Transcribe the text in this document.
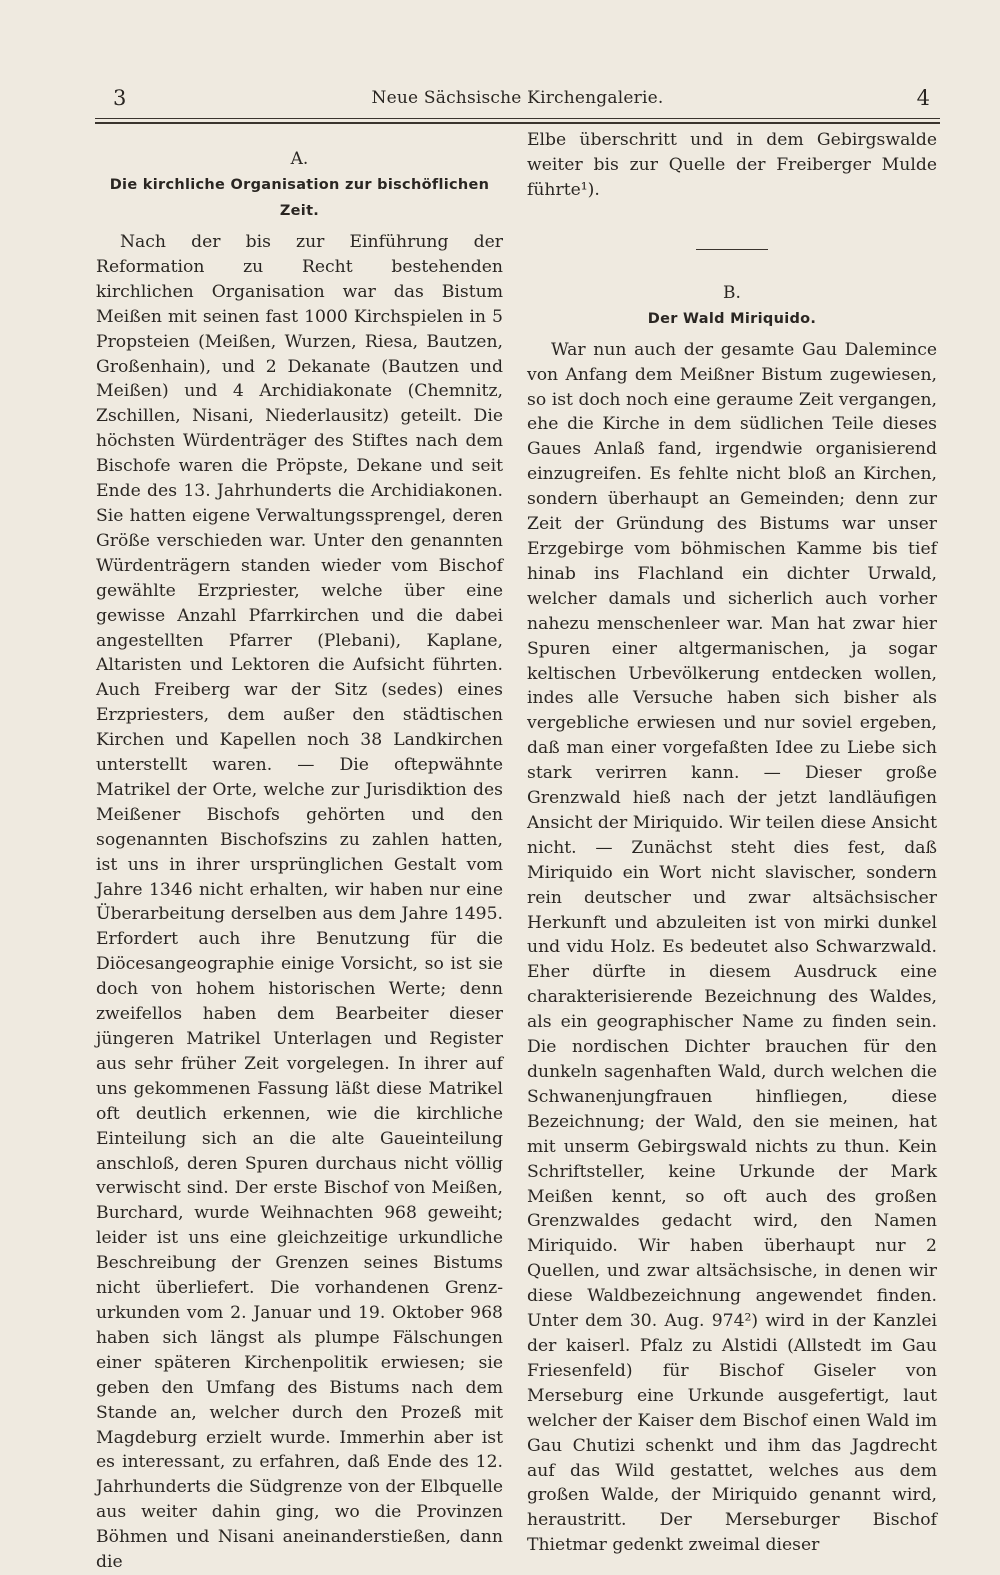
3	Neue Sächsische Kirchengalerie.	4

A.

Die kirchliche Organisation zur bischöflichen Zeit.

Nach der bis zur Einführung der Reformation zu Recht bestehenden kirchlichen Organisation war das Bistum Meißen mit seinen fast 1000 Kirchspielen in 5 Propsteien (Meißen, Wurzen, Riesa, Bautzen, Großenhain), und 2 Dekanate (Bautzen und Meißen) und 4 Archidiakonate (Chemnitz, Zschillen, Nisani, Niederlausitz) geteilt. Die höchsten Würdenträger des Stiftes nach dem Bischofe waren die Pröpste, Dekane und seit Ende des 13. Jahrhunderts die Archidiakonen. Sie hatten eigene Verwaltungssprengel, deren Größe verschieden war. Unter den genannten Würdenträgern standen wieder vom Bischof gewählte Erzpriester, welche über eine gewisse Anzahl Pfarrkirchen und die dabei angestellten Pfarrer (Plebani), Kaplane, Altaristen und Lektoren die Aufsicht führten. Auch Freiberg war der Sitz (sedes) eines Erzpriesters, dem außer den städtischen Kirchen und Kapellen noch 38 Landkirchen unterstellt waren. — Die oftерwähnte Matrikel der Orte, welche zur Jurisdiktion des Meißener Bischofs gehörten und den sogenannten Bischofszins zu zahlen hatten, ist uns in ihrer ursprünglichen Gestalt vom Jahre 1346 nicht erhalten, wir haben nur eine Überarbeitung derselben aus dem Jahre 1495. Erfordert auch ihre Benutzung für die Diöcesangeographie einige Vorsicht, so ist sie doch von hohem historischen Werte; denn zweifellos haben dem Bearbeiter dieser jüngeren Matrikel Unterlagen und Register aus sehr früher Zeit vorgelegen. In ihrer auf uns gekommenen Fassung läßt diese Matrikel oft deutlich erkennen, wie die kirchliche Einteilung sich an die alte Gaueinteilung anschloß, deren Spuren durchaus nicht völlig verwischt sind. Der erste Bischof von Meißen, Burchard, wurde Weihnachten 968 geweiht; leider ist uns eine gleichzeitige urkundliche Beschreibung der Grenzen seines Bistums nicht überliefert. Die vorhandenen Grenzurkunden vom 2. Januar und 19. Oktober 968 haben sich längst als plumpe Fälschungen einer späteren Kirchenpolitik erwiesen; sie geben den Umfang des Bistums nach dem Stande an, welcher durch den Prozeß mit Magdeburg erzielt wurde. Immerhin aber ist es interessant, zu erfahren, daß Ende des 12. Jahrhunderts die Südgrenze von der Elbquelle aus weiter dahin ging, wo die Provinzen Böhmen und Nisani aneinanderstießen, dann die

Elbe überschritt und in dem Gebirgswalde weiter bis zur Quelle der Freiberger Mulde führte¹).

B.

Der Wald Miriquido.

War nun auch der gesamte Gau Dalemince von Anfang dem Meißner Bistum zugewiesen, so ist doch noch eine geraume Zeit vergangen, ehe die Kirche in dem südlichen Teile dieses Gaues Anlaß fand, irgendwie organisierend einzugreifen. Es fehlte nicht bloß an Kirchen, sondern überhaupt an Gemeinden; denn zur Zeit der Gründung des Bistums war unser Erzgebirge vom böhmischen Kamme bis tief hinab ins Flachland ein dichter Urwald, welcher damals und sicherlich auch vorher nahezu menschenleer war. Man hat zwar hier Spuren einer altgermanischen, ja sogar keltischen Urbevölkerung entdecken wollen, indes alle Versuche haben sich bisher als vergebliche erwiesen und nur soviel ergeben, daß man einer vorgefaßten Idee zu Liebe sich stark verirren kann. — Dieser große Grenzwald hieß nach der jetzt landläufigen Ansicht der Miriquido. Wir teilen diese Ansicht nicht. — Zunächst steht dies fest, daß Miriquido ein Wort nicht slavischer, sondern rein deutscher und zwar altsächsischer Herkunft und abzuleiten ist von mirki dunkel und vidu Holz. Es bedeutet also Schwarzwald. Eher dürfte in diesem Ausdruck eine charakterisierende Bezeichnung des Waldes, als ein geographischer Name zu finden sein. Die nordischen Dichter brauchen für den dunkeln sagenhaften Wald, durch welchen die Schwanenjungfrauen hinfliegen, diese Bezeichnung; der Wald, den sie meinen, hat mit unserm Gebirgswald nichts zu thun. Kein Schriftsteller, keine Urkunde der Mark Meißen kennt, so oft auch des großen Grenzwaldes gedacht wird, den Namen Miriquido. Wir haben überhaupt nur 2 Quellen, und zwar altsächsische, in denen wir diese Waldbezeichnung angewendet finden. Unter dem 30. Aug. 974²) wird in der Kanzlei der kaiserl. Pfalz zu Alstidi (Allstedt im Gau Friesenfeld) für Bischof Giseler von Merseburg eine Urkunde ausgefertigt, laut welcher der Kaiser dem Bischof einen Wald im Gau Chutizi schenkt und ihm das Jagdrecht auf das Wild gestattet, welches aus dem großen Walde, der Miriquido genannt wird, heraustritt. Der Merseburger Bischof Thietmar gedenkt zweimal dieser
